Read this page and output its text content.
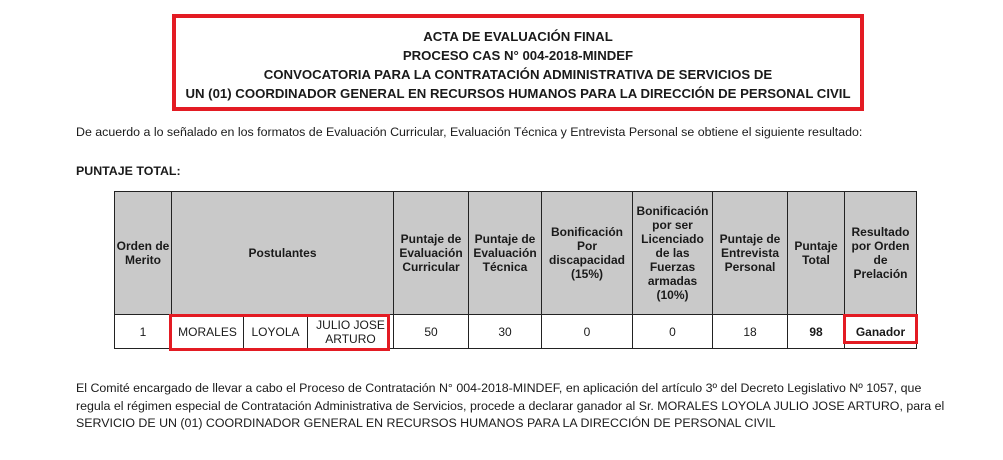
ACTA DE EVALUACIÓN FINAL
PROCESO CAS N° 004-2018-MINDEF
CONVOCATORIA PARA LA CONTRATACIÓN ADMINISTRATIVA DE SERVICIOS DE
UN (01) COORDINADOR GENERAL EN RECURSOS HUMANOS PARA LA DIRECCIÓN DE PERSONAL CIVIL
De acuerdo a lo señalado en los formatos de Evaluación Curricular, Evaluación Técnica y Entrevista Personal se obtiene el siguiente resultado:
PUNTAJE TOTAL:
Orden de Merito	Postulantes			Puntaje de Evaluación Curricular	Puntaje de Evaluación Técnica	Bonificación Por discapacidad (15%)	Bonificación por ser Licenciado de las Fuerzas armadas (10%)	Puntaje de Entrevista Personal	Puntaje Total	Resultado por Orden de Prelación
1	MORALES	LOYOLA	JULIO JOSE ARTURO	50	30	0	0	18	98	Ganador
El Comité encargado de llevar a cabo el Proceso de Contratación N° 004-2018-MINDEF, en aplicación del artículo 3º del Decreto Legislativo Nº 1057, que
regula el régimen especial de Contratación Administrativa de Servicios, procede a declarar ganador al Sr. MORALES LOYOLA JULIO JOSE ARTURO, para el
SERVICIO DE UN (01) COORDINADOR GENERAL EN RECURSOS HUMANOS PARA LA DIRECCIÓN DE PERSONAL CIVIL
